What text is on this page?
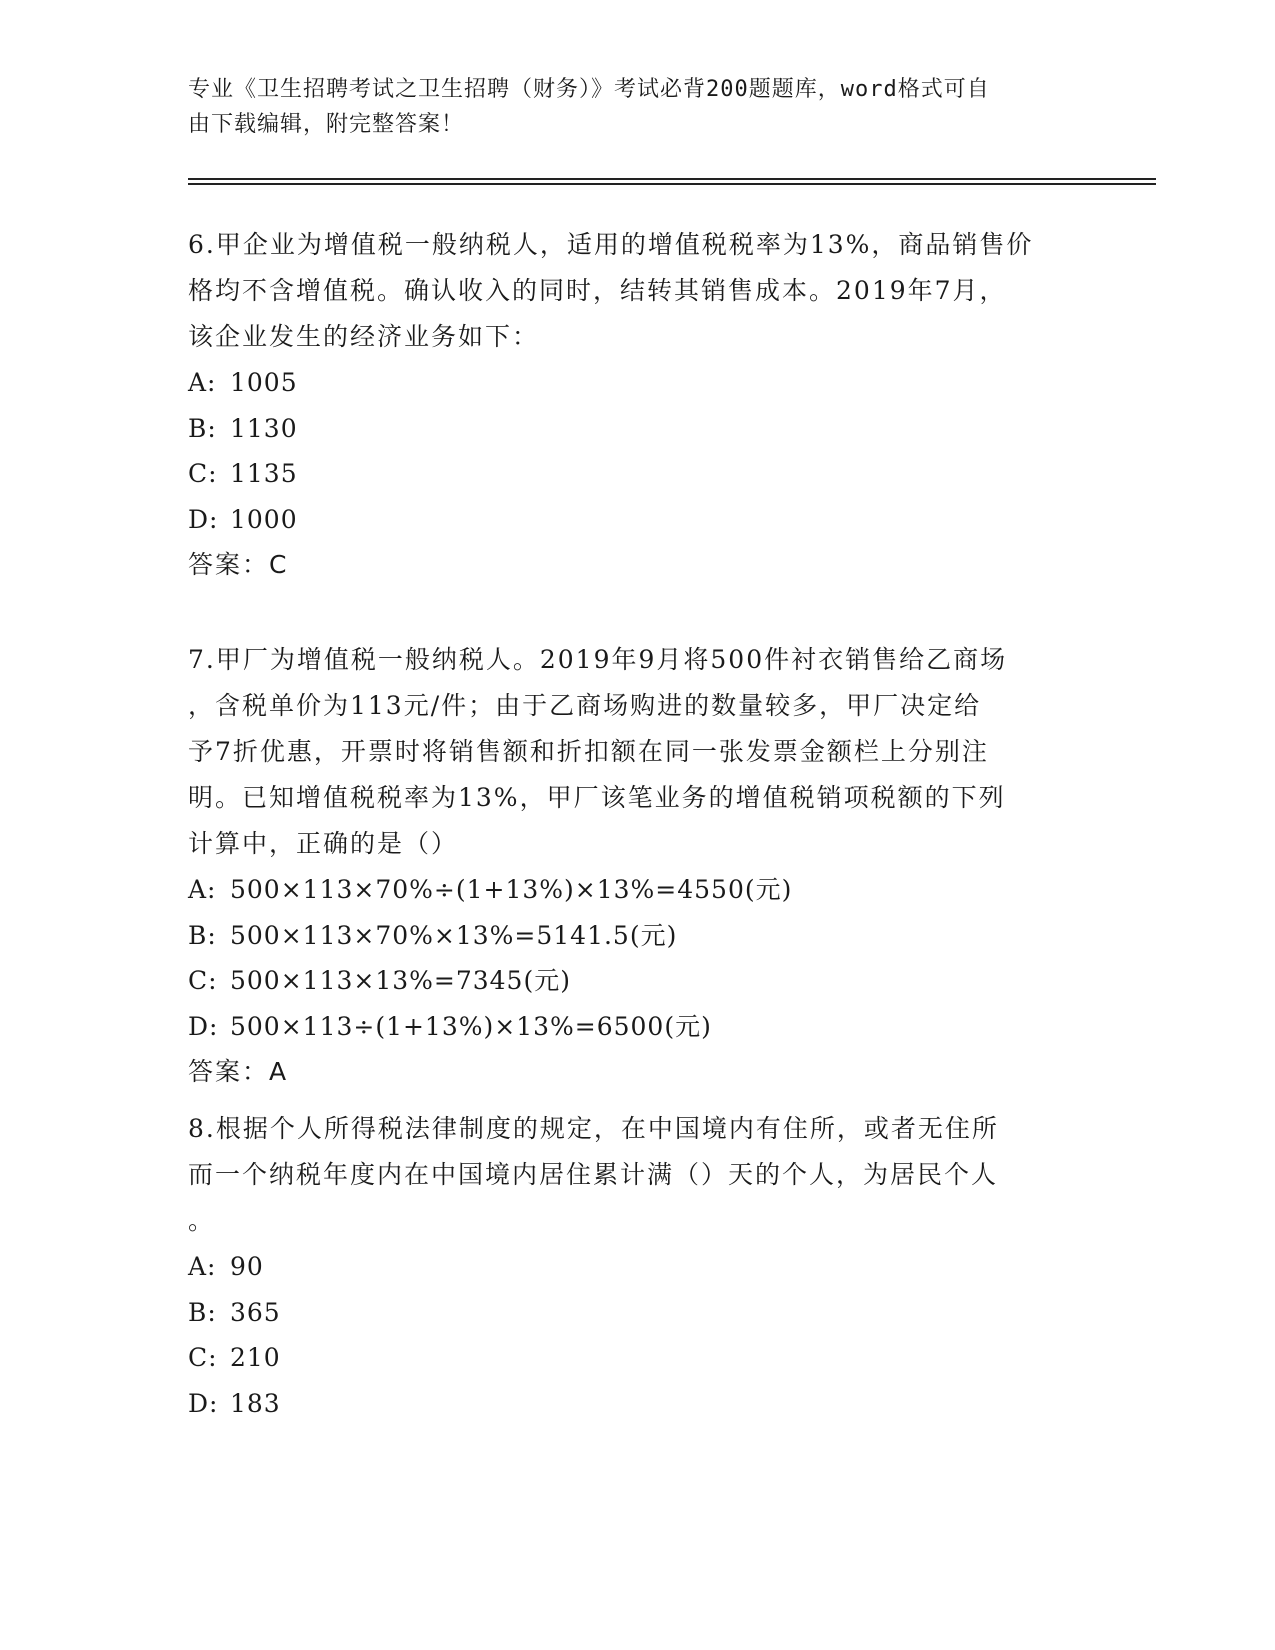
专业《卫生招聘考试之卫生招聘（财务）》考试必背200题题库，word格式可自
由下载编辑，附完整答案！
6.甲企业为增值税一般纳税人，适用的增值税税率为13%，商品销售价
格均不含增值税。确认收入的同时，结转其销售成本。2019年7月，
该企业发生的经济业务如下：
A: 1005
B: 1130
C: 1135
D: 1000
答案：C
7.甲厂为增值税一般纳税人。2019年9月将500件衬衣销售给乙商场
，含税单价为113元/件；由于乙商场购进的数量较多，甲厂决定给
予7折优惠，开票时将销售额和折扣额在同一张发票金额栏上分别注
明。已知增值税税率为13%，甲厂该笔业务的增值税销项税额的下列
计算中，正确的是（）
A: 500×113×70%÷(1+13%)×13%=4550(元)
B: 500×113×70%×13%=5141.5(元)
C: 500×113×13%=7345(元)
D: 500×113÷(1+13%)×13%=6500(元)
答案：A
8.根据个人所得税法律制度的规定，在中国境内有住所，或者无住所
而一个纳税年度内在中国境内居住累计满（）天的个人，为居民个人
。
A: 90
B: 365
C: 210
D: 183
